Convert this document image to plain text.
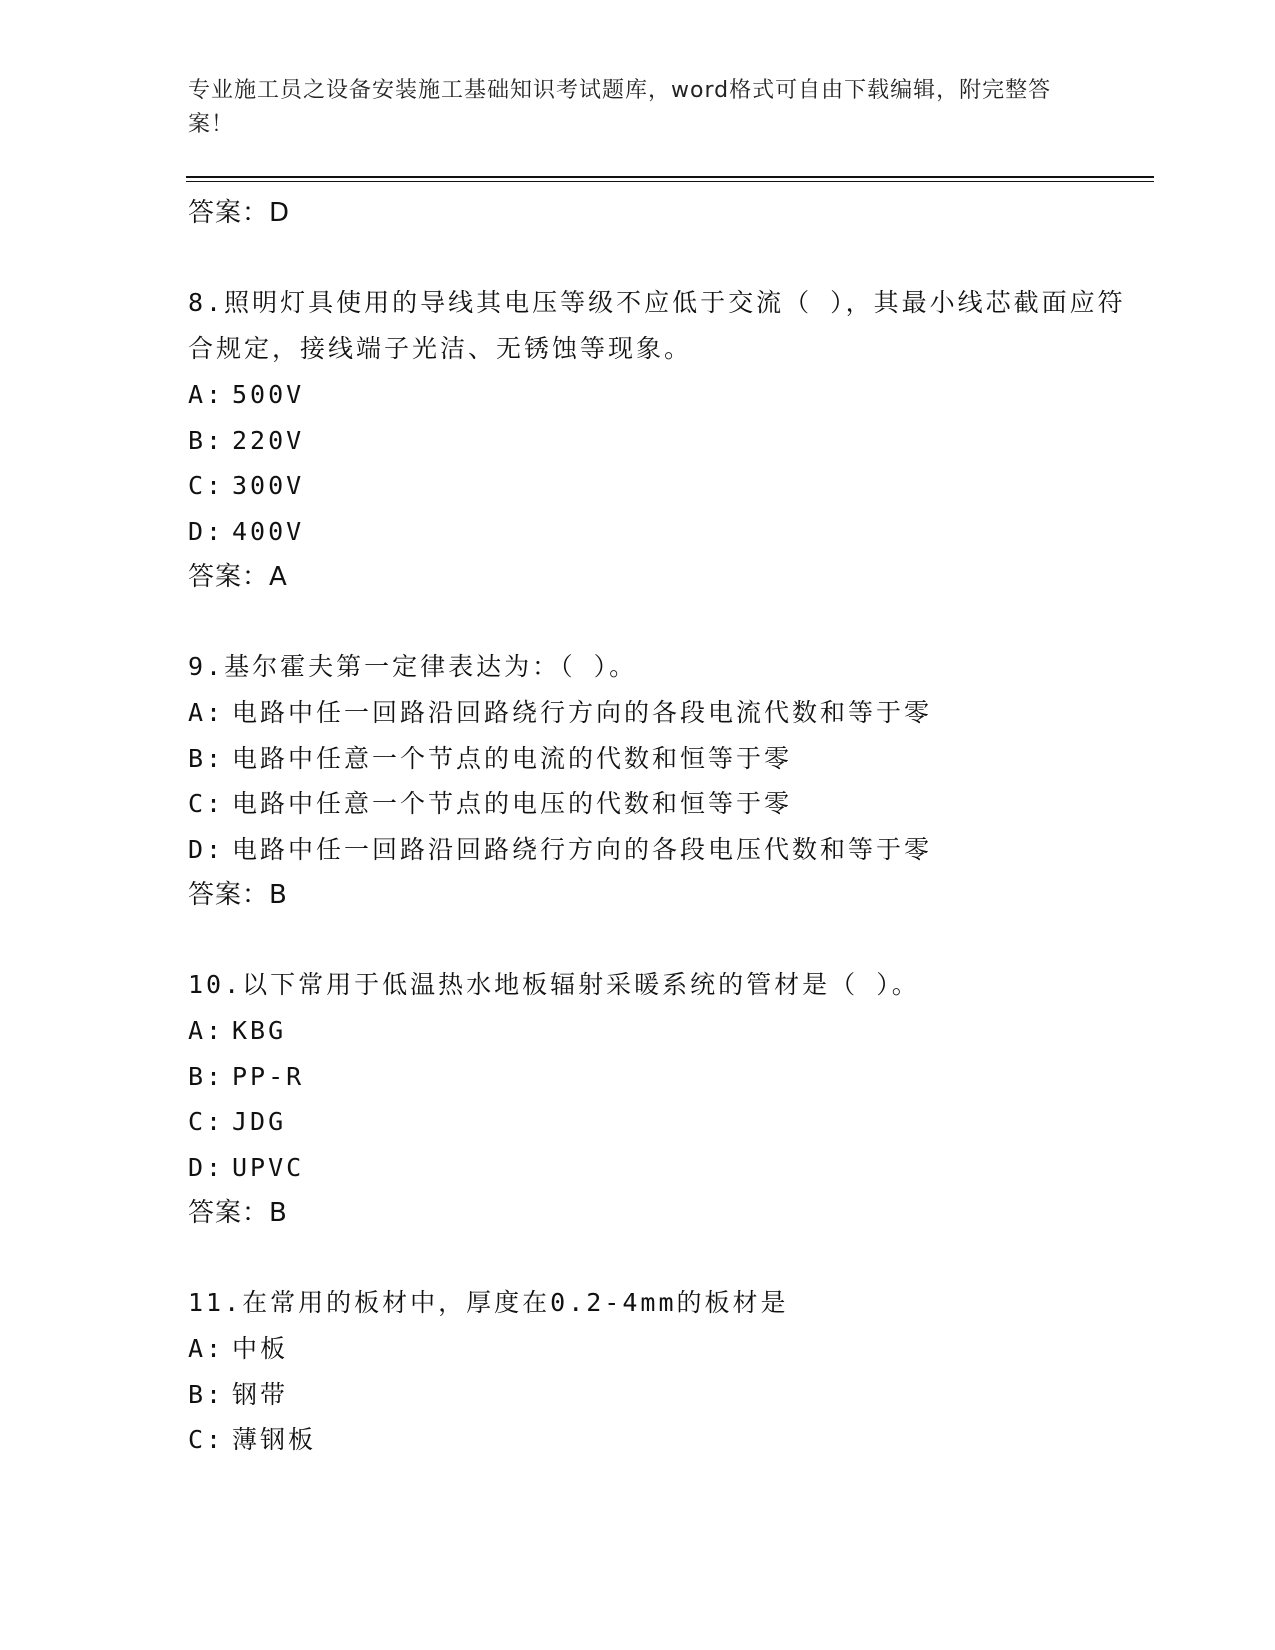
专业施工员之设备安装施工基础知识考试题库，word格式可自由下载编辑，附完整答案！
答案：D
8.照明灯具使用的导线其电压等级不应低于交流（ ），其最小线芯截面应符合规定，接线端子光洁、无锈蚀等现象。
A: 500V
B: 220V
C: 300V
D: 400V
答案：A
9.基尔霍夫第一定律表达为：（ ）。
A: 电路中任一回路沿回路绕行方向的各段电流代数和等于零
B: 电路中任意一个节点的电流的代数和恒等于零
C: 电路中任意一个节点的电压的代数和恒等于零
D: 电路中任一回路沿回路绕行方向的各段电压代数和等于零
答案：B
10.以下常用于低温热水地板辐射采暖系统的管材是（ ）。
A: KBG
B: PP-R
C: JDG
D: UPVC
答案：B
11.在常用的板材中，厚度在0.2-4mm的板材是
A: 中板
B: 钢带
C: 薄钢板
